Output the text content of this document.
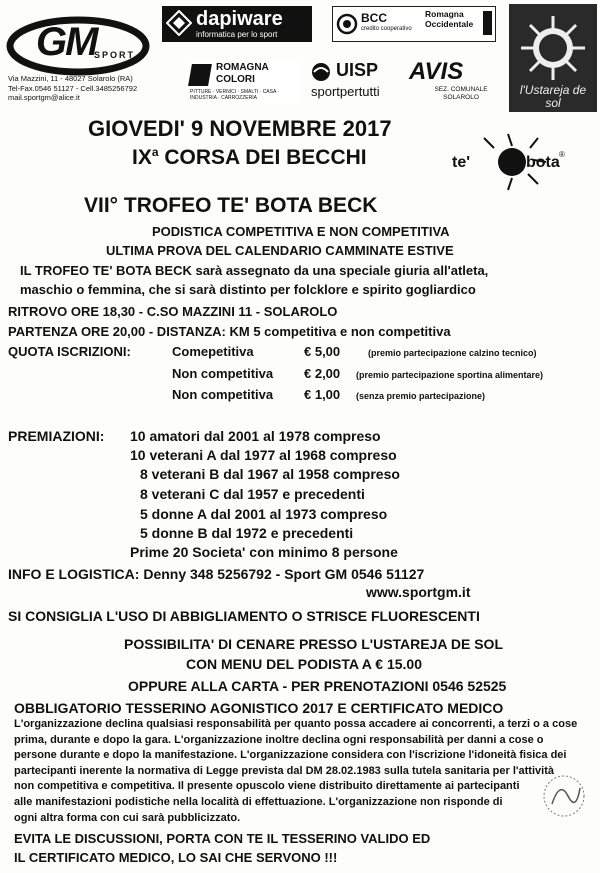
GM
SPORT
Via Mazzini, 11 - 48027 Solarolo (RA)
Tel-Fax.0546 51127 - Cell.3485256792
mail.sportgm@alice.it
dapiware
informatica per lo sport
BCC
credito cooperativo
Romagna Occidentale
l'Ustareja de sol
ROMAGNA
COLORI
PITTURE · VERNICI · SMALTI · CASA · INDUSTRIA · CARROZZERIA
UISP
sportpertutti
AVIS
SEZ. COMUNALE SOLAROLO
GIOVEDI' 9 NOVEMBRE 2017
$IX^a$ CORSA DEI BECCHI	te'	bota ®
VII° TROFEO TE' BOTA BECK
PODISTICA COMPETITIVA E NON COMPETITIVA
ULTIMA PROVA DEL CALENDARIO CAMMINATE ESTIVE
IL TROFEO TE' BOTA BECK sarà assegnato da una speciale giuria all'atleta,
maschio o femmina, che si sarà distinto per folcklore e spirito gogliardico
RITROVO ORE 18,30 - C.SO MAZZINI 11 - SOLAROLO
PARTENZA ORE 20,00 - DISTANZA: KM 5 competitiva e non competitiva
QUOTA ISCRIZIONI:	Comepetitiva	€ 5,00	(premio partecipazione calzino tecnico)
Non competitiva € 2,00 (premio partecipazione sportina alimentare)
Non competitiva € 1,00 (senza premio partecipazione)
PREMIAZIONI: 10 amatori dal 2001 al 1978 compreso
10 veterani A dal 1977 al 1968 compreso
8 veterani B dal 1967 al 1958 compreso
8 veterani C dal 1957 e precedenti
5 donne A dal 2001 al 1973 compreso
5 donne B dal 1972 e precedenti
Prime 20 Societa' con minimo 8 persone
INFO E LOGISTICA: Denny 348 5256792 - Sport GM 0546 51127
www.sportgm.it
SI CONSIGLIA L'USO DI ABBIGLIAMENTO O STRISCE FLUORESCENTI
POSSIBILITA' DI CENARE PRESSO L'USTAREJA DE SOL
CON MENU DEL PODISTA A € 15.00
OPPURE ALLA CARTA - PER PRENOTAZIONI 0546 52525
OBBLIGATORIO TESSERINO AGONISTICO 2017 E CERTIFICATO MEDICO
L'organizzazione declina qualsiasi responsabilità per quanto possa accadere ai concorrenti, a terzi o a cose
prima, durante e dopo la gara. L'organizzazione inoltre declina ogni responsabilità per danni a cose o
persone durante e dopo la manifestazione. L'organizzazione considera con l'iscrizione l'idoneità fisica dei
partecipanti inerente la normativa di Legge prevista dal DM 28.02.1983 sulla tutela sanitaria per l'attività
non competitiva e competitiva. Il presente opuscolo viene distribuito direttamente ai partecipanti
alle manifestazioni podistiche nella località di effettuazione. L'organizzazione non risponde di
ogni altra forma con cui sarà pubblicizzato.
EVITA LE DISCUSSIONI, PORTA CON TE IL TESSERINO VALIDO ED
IL CERTIFICATO MEDICO, LO SAI CHE SERVONO !!!
